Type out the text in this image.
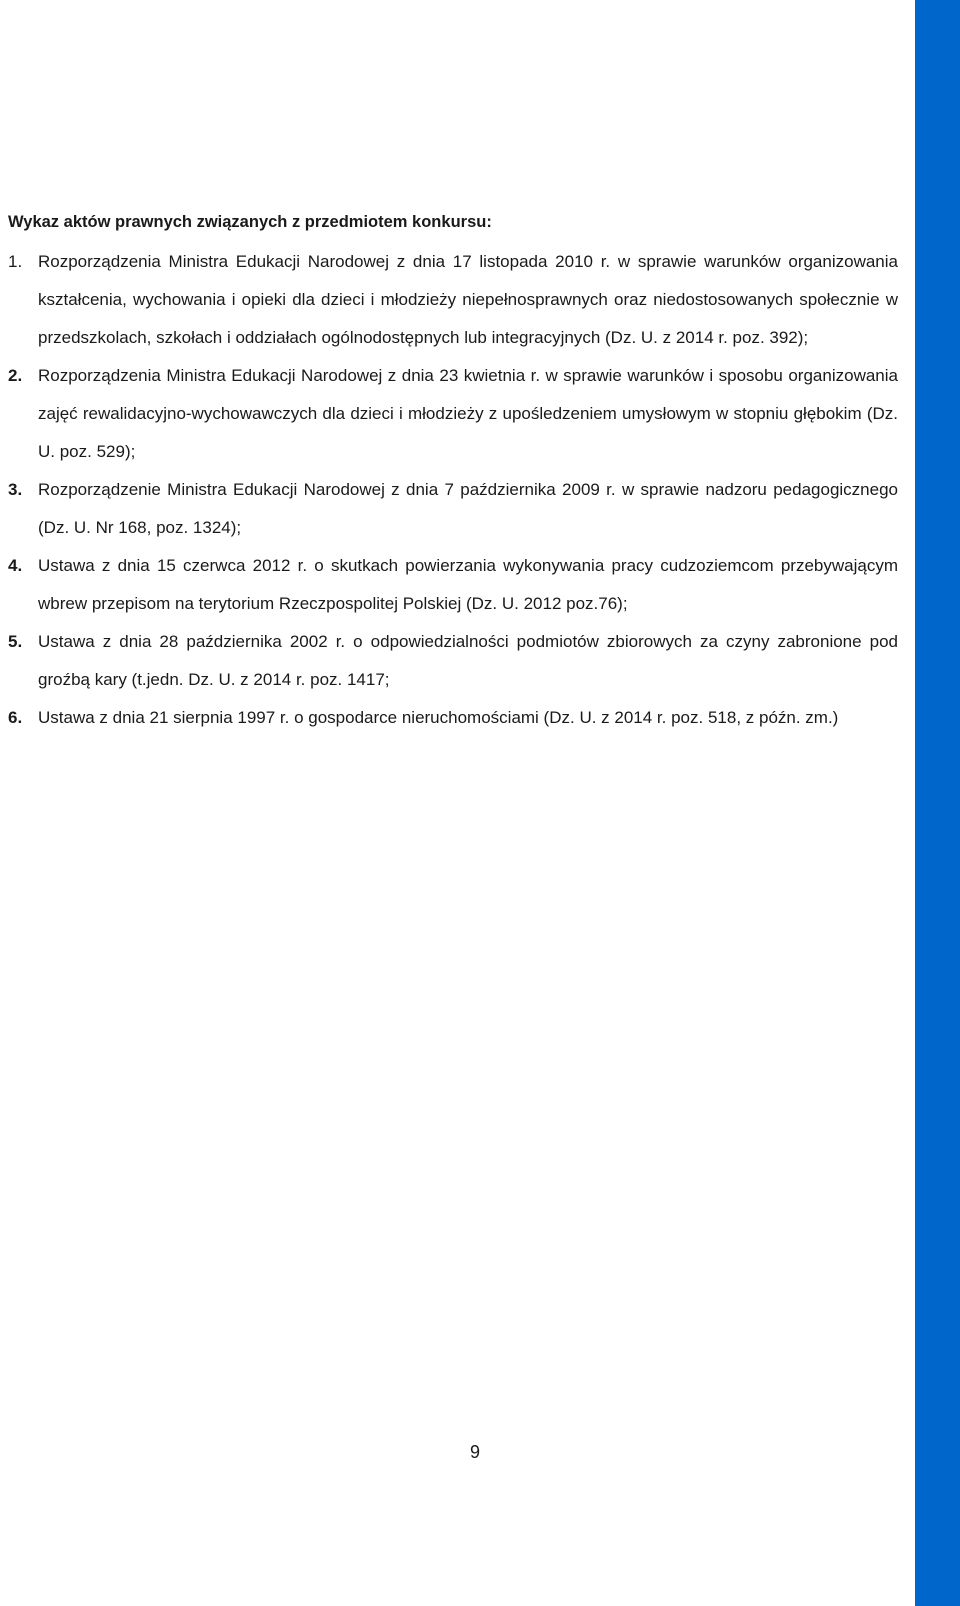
9
Wykaz aktów prawnych związanych z przedmiotem konkursu:
1. Rozporządzenia Ministra Edukacji Narodowej z dnia 17 listopada 2010 r. w sprawie warunków organizowania kształcenia, wychowania i opieki dla dzieci i młodzieży niepełnosprawnych oraz niedostosowanych społecznie w przedszkolach, szkołach i oddziałach ogólnodostępnych lub integracyjnych (Dz. U. z 2014 r. poz. 392);
2. Rozporządzenia Ministra Edukacji Narodowej z dnia 23 kwietnia r. w sprawie warunków i sposobu organizowania zajęć rewalidacyjno-wychowawczych dla dzieci i młodzieży z upośledzeniem umysłowym w stopniu głębokim (Dz. U. poz. 529);
3. Rozporządzenie Ministra Edukacji Narodowej z dnia 7 października 2009 r. w sprawie nadzoru pedagogicznego (Dz. U. Nr 168, poz. 1324);
4. Ustawa z dnia 15 czerwca 2012 r. o skutkach powierzania wykonywania pracy cudzoziemcom przebywającym wbrew przepisom na terytorium Rzeczpospolitej Polskiej (Dz. U. 2012 poz.76);
5. Ustawa z dnia 28 października 2002 r. o odpowiedzialności podmiotów zbiorowych za czyny zabronione pod groźbą kary (t.jedn. Dz. U. z 2014 r. poz. 1417;
6. Ustawa z dnia 21 sierpnia 1997 r. o gospodarce nieruchomościami (Dz. U. z 2014 r. poz. 518, z późn. zm.)
9
